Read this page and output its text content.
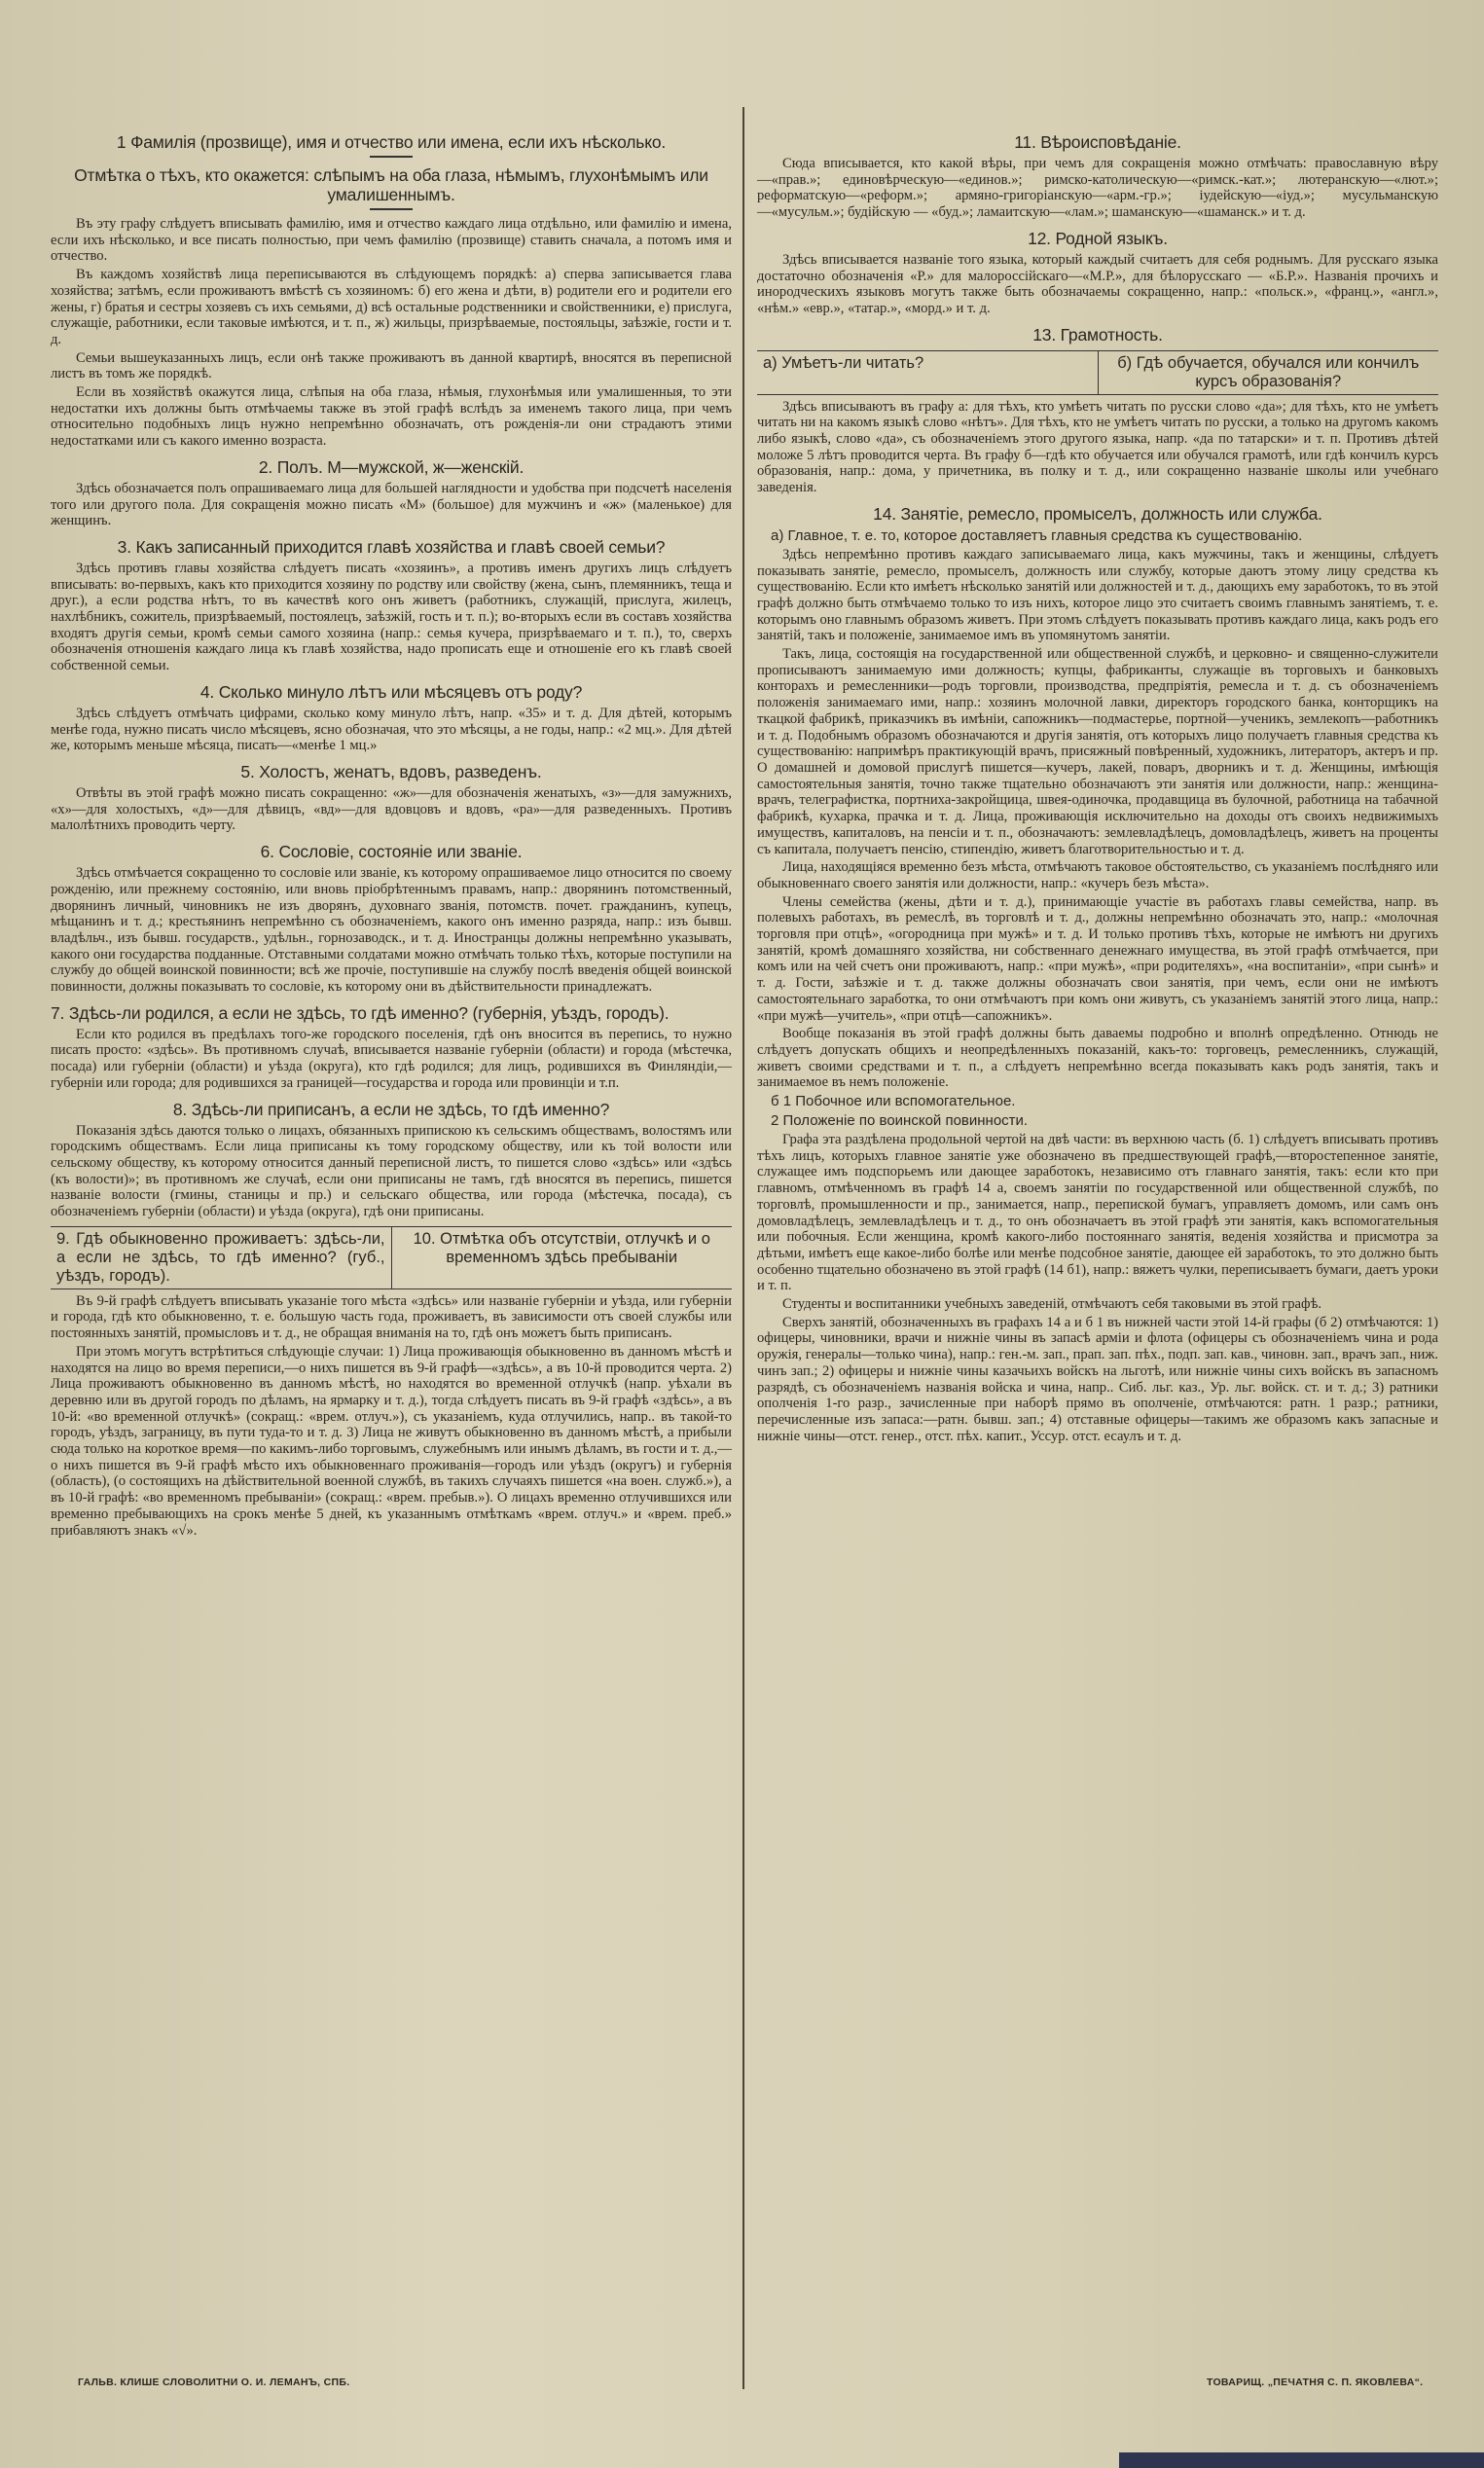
1 Фамилія (прозвище), имя и отчество или имена, если ихъ нѣсколько.
Отмѣтка о тѣхъ, кто окажется: слѣпымъ на оба глаза, нѣмымъ, глухонѣмымъ или умалишеннымъ.
Въ эту графу слѣдуетъ вписывать фамилію, имя и отчество каждаго лица отдѣльно, или фамилію и имена, если ихъ нѣсколько, и все писать полностью, при чемъ фамилію (прозвище) ставить сначала, а потомъ имя и отчество.
Въ каждомъ хозяйствѣ лица переписываются въ слѣдующемъ порядкѣ: а) сперва записывается глава хозяйства; затѣмъ, если проживаютъ вмѣстѣ съ хозяиномъ: б) его жена и дѣти, в) родители его и родители его жены, г) братья и сестры хозяевъ съ ихъ семьями, д) всѣ остальные родственники и свойственники, е) прислуга, служащіе, работники, если таковые имѣются, и т. п., ж) жильцы, призрѣваемые, постояльцы, заѣзжіе, гости и т. д.
Семьи вышеуказанныхъ лицъ, если онѣ также проживаютъ въ данной квартирѣ, вносятся въ переписной листъ въ томъ же порядкѣ.
Если въ хозяйствѣ окажутся лица, слѣпыя на оба глаза, нѣмыя, глухонѣмыя или умалишенныя, то эти недостатки ихъ должны быть отмѣчаемы также въ этой графѣ вслѣдъ за именемъ такого лица, при чемъ относительно подобныхъ лицъ нужно непремѣнно обозначать, отъ рожденія-ли они страдаютъ этими недостатками или съ какого именно возраста.
2. Полъ. М—мужской, ж—женскій.
Здѣсь обозначается полъ опрашиваемаго лица для большей наглядности и удобства при подсчетѣ населенія того или другого пола. Для сокращенія можно писать «М» (большое) для мужчинъ и «ж» (маленькое) для женщинъ.
3. Какъ записанный приходится главѣ хозяйства и главѣ своей семьи?
Здѣсь противъ главы хозяйства слѣдуетъ писать «хозяинъ», а противъ именъ другихъ лицъ слѣдуетъ вписывать: во-первыхъ, какъ кто приходится хозяину по родству или свойству (жена, сынъ, племянникъ, теща и друг.), а если родства нѣтъ, то въ качествѣ кого онъ живетъ (работникъ, служащій, прислуга, жилецъ, нахлѣбникъ, сожитель, призрѣваемый, постоялецъ, заѣзжій, гость и т. п.); во-вторыхъ если въ составъ хозяйства входятъ другія семьи, кромѣ семьи самого хозяина (напр.: семья кучера, призрѣваемаго и т. п.), то, сверхъ обозначенія отношенія каждаго лица къ главѣ хозяйства, надо прописать еще и отношеніе его къ главѣ своей собственной семьи.
4. Сколько минуло лѣтъ или мѣсяцевъ отъ роду?
Здѣсь слѣдуетъ отмѣчать цифрами, сколько кому минуло лѣтъ, напр. «35» и т. д. Для дѣтей, которымъ менѣе года, нужно писать число мѣсяцевъ, ясно обозначая, что это мѣсяцы, а не годы, напр.: «2 мц.». Для дѣтей же, которымъ меньше мѣсяца, писать—«менѣе 1 мц.»
5. Холостъ, женатъ, вдовъ, разведенъ.
Отвѣты въ этой графѣ можно писать сокращенно: «ж»—для обозначенія женатыхъ, «з»—для замужнихъ, «х»—для холостыхъ, «д»—для дѣвицъ, «вд»—для вдовцовъ и вдовъ, «ра»—для разведенныхъ. Противъ малолѣтнихъ проводить черту.
6. Сословіе, состояніе или званіе.
Здѣсь отмѣчается сокращенно то сословіе или званіе, къ которому опрашиваемое лицо относится по своему рожденію, или прежнему состоянію, или вновь пріобрѣтеннымъ правамъ, напр.: дворянинъ потомственный, дворянинъ личный, чиновникъ не изъ дворянъ, духовнаго званія, потомств. почет. гражданинъ, купецъ, мѣщанинъ и т. д.; крестьянинъ непремѣнно съ обозначеніемъ, какого онъ именно разряда, напр.: изъ бывш. владѣльч., изъ бывш. государств., удѣльн., горнозаводск., и т. д. Иностранцы должны непремѣнно указывать, какого они государства подданные. Отставными солдатами можно отмѣчать только тѣхъ, которые поступили на службу до общей воинской повинности; всѣ же прочіе, поступившіе на службу послѣ введенія общей воинской повинности, должны показывать то сословіе, къ которому они въ дѣйствительности принадлежатъ.
7. Здѣсь-ли родился, а если не здѣсь, то гдѣ именно? (губернія, уѣздъ, городъ).
Если кто родился въ предѣлахъ того-же городского поселенія, гдѣ онъ вносится въ перепись, то нужно писать просто: «здѣсь». Въ противномъ случаѣ, вписывается названіе губерніи (области) и города (мѣстечка, посада) или губерніи (области) и уѣзда (округа), кто гдѣ родился; для лицъ, родившихся въ Финляндіи,—губерніи или города; для родившихся за границей—государства и города или провинціи и т.п.
8. Здѣсь-ли приписанъ, а если не здѣсь, то гдѣ именно?
Показанія здѣсь даются только о лицахъ, обязанныхъ припискою къ сельскимъ обществамъ, волостямъ или городскимъ обществамъ. Если лица приписаны къ тому городскому обществу, или къ той волости или сельскому обществу, къ которому относится данный переписной листъ, то пишется слово «здѣсь» или «здѣсь (къ волости)»; въ противномъ же случаѣ, если они приписаны не тамъ, гдѣ вносятся въ перепись, пишется названіе волости (гмины, станицы и пр.) и сельскаго общества, или города (мѣстечка, посада), съ обозначеніемъ губерніи (области) и уѣзда (округа), гдѣ они приписаны.
9. Гдѣ обыкновенно проживаетъ: здѣсь-ли, а если не здѣсь, то гдѣ именно? (губ., уѣздъ, городъ).
10. Отмѣтка объ отсутствіи, отлучкѣ и о временномъ здѣсь пребываніи
Въ 9-й графѣ слѣдуетъ вписывать указаніе того мѣста «здѣсь» или названіе губерніи и уѣзда, или губерніи и города, гдѣ кто обыкновенно, т. е. большую часть года, проживаетъ, въ зависимости отъ своей службы или постоянныхъ занятій, промысловъ и т. д., не обращая вниманія на то, гдѣ онъ можетъ быть приписанъ.
При этомъ могутъ встрѣтиться слѣдующіе случаи: 1) Лица проживающія обыкновенно въ данномъ мѣстѣ и находятся на лицо во время переписи,—о нихъ пишется въ 9-й графѣ—«здѣсь», а въ 10-й проводится черта. 2) Лица проживаютъ обыкновенно въ данномъ мѣстѣ, но находятся во временной отлучкѣ (напр. уѣхали въ деревню или въ другой городъ по дѣламъ, на ярмарку и т. д.), тогда слѣдуетъ писать въ 9-й графѣ «здѣсь», а въ 10-й: «во временной отлучкѣ» (сокращ.: «врем. отлуч.»), съ указаніемъ, куда отлучились, напр.. въ такой-то городъ, уѣздъ, заграницу, въ пути туда-то и т. д. 3) Лица не живутъ обыкновенно въ данномъ мѣстѣ, а прибыли сюда только на короткое время—по какимъ-либо торговымъ, служебнымъ или инымъ дѣламъ, въ гости и т. д.,—о нихъ пишется въ 9-й графѣ мѣсто ихъ обыкновеннаго проживанія—городъ или уѣздъ (округъ) и губернія (область), (о состоящихъ на дѣйствительной военной службѣ, въ такихъ случаяхъ пишется «на воен. служб.»), а въ 10-й графѣ: «во временномъ пребываніи» (сокращ.: «врем. пребыв.»). О лицахъ временно отлучившихся или временно пребывающихъ на срокъ менѣе 5 дней, къ указаннымъ отмѣткамъ «врем. отлуч.» и «врем. преб.» прибавляютъ знакъ «√».
11. Вѣроисповѣданіе.
Сюда вписывается, кто какой вѣры, при чемъ для сокращенія можно отмѣчать: православную вѣру—«прав.»; единовѣрческую—«единов.»; римско-католическую—«римск.-кат.»; лютеранскую—«лют.»; реформатскую—«реформ.»; армяно-григоріанскую—«арм.-гр.»; іудейскую—«іуд.»; мусульманскую—«мусульм.»; будійскую — «буд.»; ламаитскую—«лам.»; шаманскую—«шаманск.» и т. д.
12. Родной языкъ.
Здѣсь вписывается названіе того языка, который каждый считаетъ для себя роднымъ. Для русскаго языка достаточно обозначенія «Р.» для малороссійскаго—«М.Р.», для бѣлорусскаго — «Б.Р.». Названія прочихъ и инородческихъ языковъ могутъ также быть обозначаемы сокращенно, напр.: «польск.», «франц.», «англ.», «нѣм.» «евр.», «татар.», «морд.» и т. д.
13. Грамотность.
а) Умѣетъ-ли читать?	б) Гдѣ обучается, обучался или кончилъ курсъ образованія?
Здѣсь вписываютъ въ графу а: для тѣхъ, кто умѣетъ читать по русски слово «да»; для тѣхъ, кто не умѣетъ читать ни на какомъ языкѣ слово «нѣтъ». Для тѣхъ, кто не умѣетъ читать по русски, а только на другомъ какомъ либо языкѣ, слово «да», съ обозначеніемъ этого другого языка, напр. «да по татарски» и т. п. Противъ дѣтей моложе 5 лѣтъ проводится черта. Въ графу б—гдѣ кто обучается или обучался грамотѣ, или гдѣ кончилъ курсъ образованія, напр.: дома, у причетника, въ полку и т. д., или сокращенно названіе школы или учебнаго заведенія.
14. Занятіе, ремесло, промыселъ, должность или служба.
а) Главное, т. е. то, которое доставляетъ главныя средства къ существованію.
Здѣсь непремѣнно противъ каждаго записываемаго лица, какъ мужчины, такъ и женщины, слѣдуетъ показывать занятіе, ремесло, промыселъ, должность или службу, которые даютъ этому лицу средства къ существованію. Если кто имѣетъ нѣсколько занятій или должностей и т. д., дающихъ ему заработокъ, то въ этой графѣ должно быть отмѣчаемо только то изъ нихъ, которое лицо это считаетъ своимъ главнымъ занятіемъ, т. е. которымъ оно главнымъ образомъ живетъ. При этомъ слѣдуетъ показывать противъ каждаго лица, какъ родъ его занятій, такъ и положеніе, занимаемое имъ въ упомянутомъ занятіи.
Такъ, лица, состоящія на государственной или общественной службѣ, и церковно- и священно-служители прописываютъ занимаемую ими должность; купцы, фабриканты, служащіе въ торговыхъ и банковыхъ конторахъ и ремесленники—родъ торговли, производства, предпріятія, ремесла и т. д. съ обозначеніемъ положенія занимаемаго ими, напр.: хозяинъ молочной лавки, директоръ городского банка, конторщикъ на ткацкой фабрикѣ, приказчикъ въ имѣніи, сапожникъ—подмастерье, портной—ученикъ, землекопъ—работникъ и т. д. Подобнымъ образомъ обозначаются и другія занятія, отъ которыхъ лицо получаетъ главныя средства къ существованію: напримѣръ практикующій врачъ, присяжный повѣренный, художникъ, литераторъ, актеръ и пр. О домашней и домовой прислугѣ пишется—кучеръ, лакей, поваръ, дворникъ и т. д. Женщины, имѣющія самостоятельныя занятія, точно также тщательно обозначаютъ эти занятія или должности, напр.: женщина-врачъ, телеграфистка, портниха-закройщица, швея-одиночка, продавщица въ булочной, работница на табачной фабрикѣ, кухарка, прачка и т. д. Лица, проживающія исключительно на доходы отъ своихъ недвижимыхъ имуществъ, капиталовъ, на пенсіи и т. п., обозначаютъ: землевладѣлецъ, домовладѣлецъ, живетъ на проценты съ капитала, получаетъ пенсію, стипендію, живетъ благотворительностью и т. д.
Лица, находящіяся временно безъ мѣста, отмѣчаютъ таковое обстоятельство, съ указаніемъ послѣдняго или обыкновеннаго своего занятія или должности, напр.: «кучеръ безъ мѣста».
Члены семейства (жены, дѣти и т. д.), принимающіе участіе въ работахъ главы семейства, напр. въ полевыхъ работахъ, въ ремеслѣ, въ торговлѣ и т. д., должны непремѣнно обозначать это, напр.: «молочная торговля при отцѣ», «огородница при мужѣ» и т. д. И только противъ тѣхъ, которые не имѣютъ ни другихъ занятій, кромѣ домашняго хозяйства, ни собственнаго денежнаго имущества, въ этой графѣ отмѣчается, при комъ или на чей счетъ они проживаютъ, напр.: «при мужѣ», «при родителяхъ», «на воспитаніи», «при сынѣ» и т. д. Гости, заѣзжіе и т. д. также должны обозначать свои занятія, при чемъ, если они не имѣютъ самостоятельнаго заработка, то они отмѣчаютъ при комъ они живутъ, съ указаніемъ занятій этого лица, напр.: «при мужѣ—учитель», «при отцѣ—сапожникъ».
Вообще показанія въ этой графѣ должны быть даваемы подробно и вполнѣ опредѣленно. Отнюдь не слѣдуетъ допускать общихъ и неопредѣленныхъ показаній, какъ-то: торговецъ, ремесленникъ, служащій, живетъ своими средствами и т. п., а слѣдуетъ непремѣнно всегда показывать какъ родъ занятія, такъ и занимаемое въ немъ положеніе.
б 1 Побочное или вспомогательное.
2 Положеніе по воинской повинности.
Графа эта раздѣлена продольной чертой на двѣ части: въ верхнюю часть (б. 1) слѣдуетъ вписывать противъ тѣхъ лицъ, которыхъ главное занятіе уже обозначено въ предшествующей графѣ,—второстепенное занятіе, служащее имъ подспорьемъ или дающее заработокъ, независимо отъ главнаго занятія, такъ: если кто при главномъ, отмѣченномъ въ графѣ 14 а, своемъ занятіи по государственной или общественной службѣ, по торговлѣ, промышленности и пр., занимается, напр., перепиской бумагъ, управляетъ домомъ, или самъ онъ домовладѣлецъ, землевладѣлецъ и т. д., то онъ обозначаетъ въ этой графѣ эти занятія, какъ вспомогательныя или побочныя. Если женщина, кромѣ какого-либо постояннаго занятія, веденія хозяйства и присмотра за дѣтьми, имѣетъ еще какое-либо болѣе или менѣе подсобное занятіе, дающее ей заработокъ, то это должно быть особенно тщательно обозначено въ этой графѣ (14 б1), напр.: вяжетъ чулки, переписываетъ бумаги, даетъ уроки и т. п.
Студенты и воспитанники учебныхъ заведеній, отмѣчаютъ себя таковыми въ этой графѣ.
Сверхъ занятій, обозначенныхъ въ графахъ 14 а и б 1 въ нижней части этой 14-й графы (б 2) отмѣчаются: 1) офицеры, чиновники, врачи и нижніе чины въ запасѣ арміи и флота (офицеры съ обозначеніемъ чина и рода оружія, генералы—только чина), напр.: ген.-м. зап., прап. зап. пѣх., подп. зап. кав., чиновн. зап., врачъ зап., ниж. чинъ зап.; 2) офицеры и нижніе чины казачьихъ войскъ на льготѣ, или нижніе чины сихъ войскъ въ запасномъ разрядѣ, съ обозначеніемъ названія войска и чина, напр.. Сиб. льг. каз., Ур. льг. войск. ст. и т. д.; 3) ратники ополченія 1-го разр., зачисленные при наборѣ прямо въ ополченіе, отмѣчаются: ратн. 1 разр.; ратники, перечисленные изъ запаса:—ратн. бывш. зап.; 4) отставные офицеры—такимъ же образомъ какъ запасные и нижніе чины—отст. генер., отст. пѣх. капит., Уссур. отст. есаулъ и т. д.
ГАЛЬВ. КЛИШЕ СЛОВОЛИТНИ О. И. ЛЕМАНЪ, СПБ.	ТОВАРИЩ. „ПЕЧАТНЯ С. П. ЯКОВЛЕВА“.
